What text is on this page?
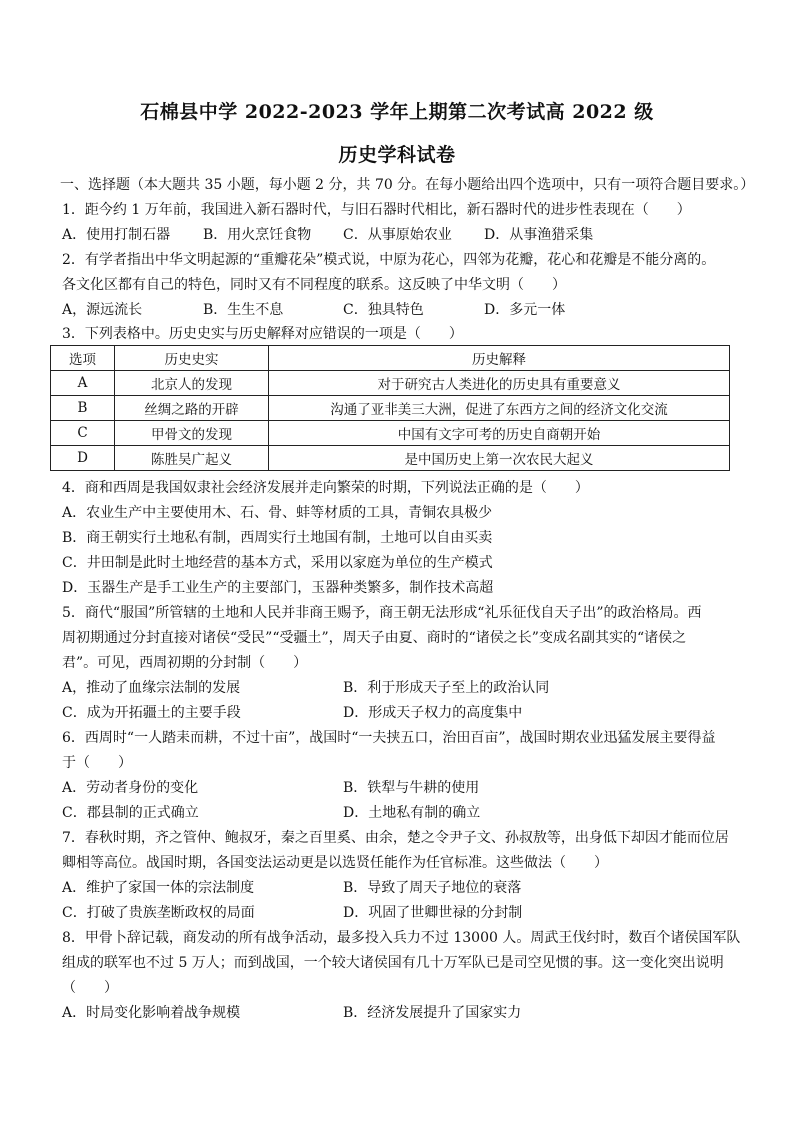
石棉县中学 2022-2023 学年上期第二次考试高 2022 级
历史学科试卷
一、选择题（本大题共 35 小题，每小题 2 分，共 70 分。在每小题给出四个选项中，只有一项符合题目要求。）
1．距今约 1 万年前，我国进入新石器时代，与旧石器时代相比，新石器时代的进步性表现在（　　）
A．使用打制石器 B．用火烹饪食物 C．从事原始农业 D．从事渔猎采集
2．有学者指出中华文明起源的“重瓣花朵”模式说，中原为花心，四邻为花瓣，花心和花瓣是不能分离的。
各文化区都有自己的特色，同时又有不同程度的联系。这反映了中华文明（　　）
A，源远流长	B．生生不息	C．独具特色	D．多元一体
3．下列表格中。历史史实与历史解释对应错误的一项是（　　）
选项	历史史实	历史解释
A	北京人的发现	对于研究古人类进化的历史具有重要意义
B	丝绸之路的开辟	沟通了亚非美三大洲，促进了东西方之间的经济文化交流
C	甲骨文的发现	中国有文字可考的历史自商朝开始
D	陈胜吴广起义	是中国历史上第一次农民大起义
4．商和西周是我国奴隶社会经济发展并走向繁荣的时期，下列说法正确的是（　　）
A．农业生产中主要使用木、石、骨、蚌等材质的工具，青铜农具极少
B．商王朝实行土地私有制，西周实行土地国有制，土地可以自由买卖
C．井田制是此时土地经营的基本方式，采用以家庭为单位的生产模式
D．玉器生产是手工业生产的主要部门，玉器种类繁多，制作技术高超
5．商代“服国”所管辖的土地和人民并非商王赐予，商王朝无法形成“礼乐征伐自天子出”的政治格局。西
周初期通过分封直接对诸侯“受民”“受疆土”，周天子由夏、商时的“诸侯之长”变成名副其实的“诸侯之
君”。可见，西周初期的分封制（　　）
A，推动了血缘宗法制的发展	B．利于形成天子至上的政治认同
C．成为开拓疆土的主要手段	D．形成天子权力的高度集中
6．西周时“一人踏耒而耕，不过十亩”，战国时“一夫挟五口，治田百亩”，战国时期农业迅猛发展主要得益
于（　　）
A．劳动者身份的变化	B．铁犁与牛耕的使用
C．郡县制的正式确立	D．土地私有制的确立
7．春秋时期，齐之管仲、鲍叔牙，秦之百里奚、由余，楚之令尹子文、孙叔敖等，出身低下却因才能而位居
卿相等高位。战国时期，各国变法运动更是以选贤任能作为任官标准。这些做法（　　）
A．维护了家国一体的宗法制度	B．导致了周天子地位的衰落
C．打破了贵族垄断政权的局面	D．巩固了世卿世禄的分封制
8．甲骨卜辞记载，商发动的所有战争活动，最多投入兵力不过 13000 人。周武王伐纣时，数百个诸侯国军队
组成的联军也不过 5 万人；而到战国，一个较大诸侯国有几十万军队已是司空见惯的事。这一变化突出说明
（　　）
A．时局变化影响着战争规模	B．经济发展提升了国家实力
